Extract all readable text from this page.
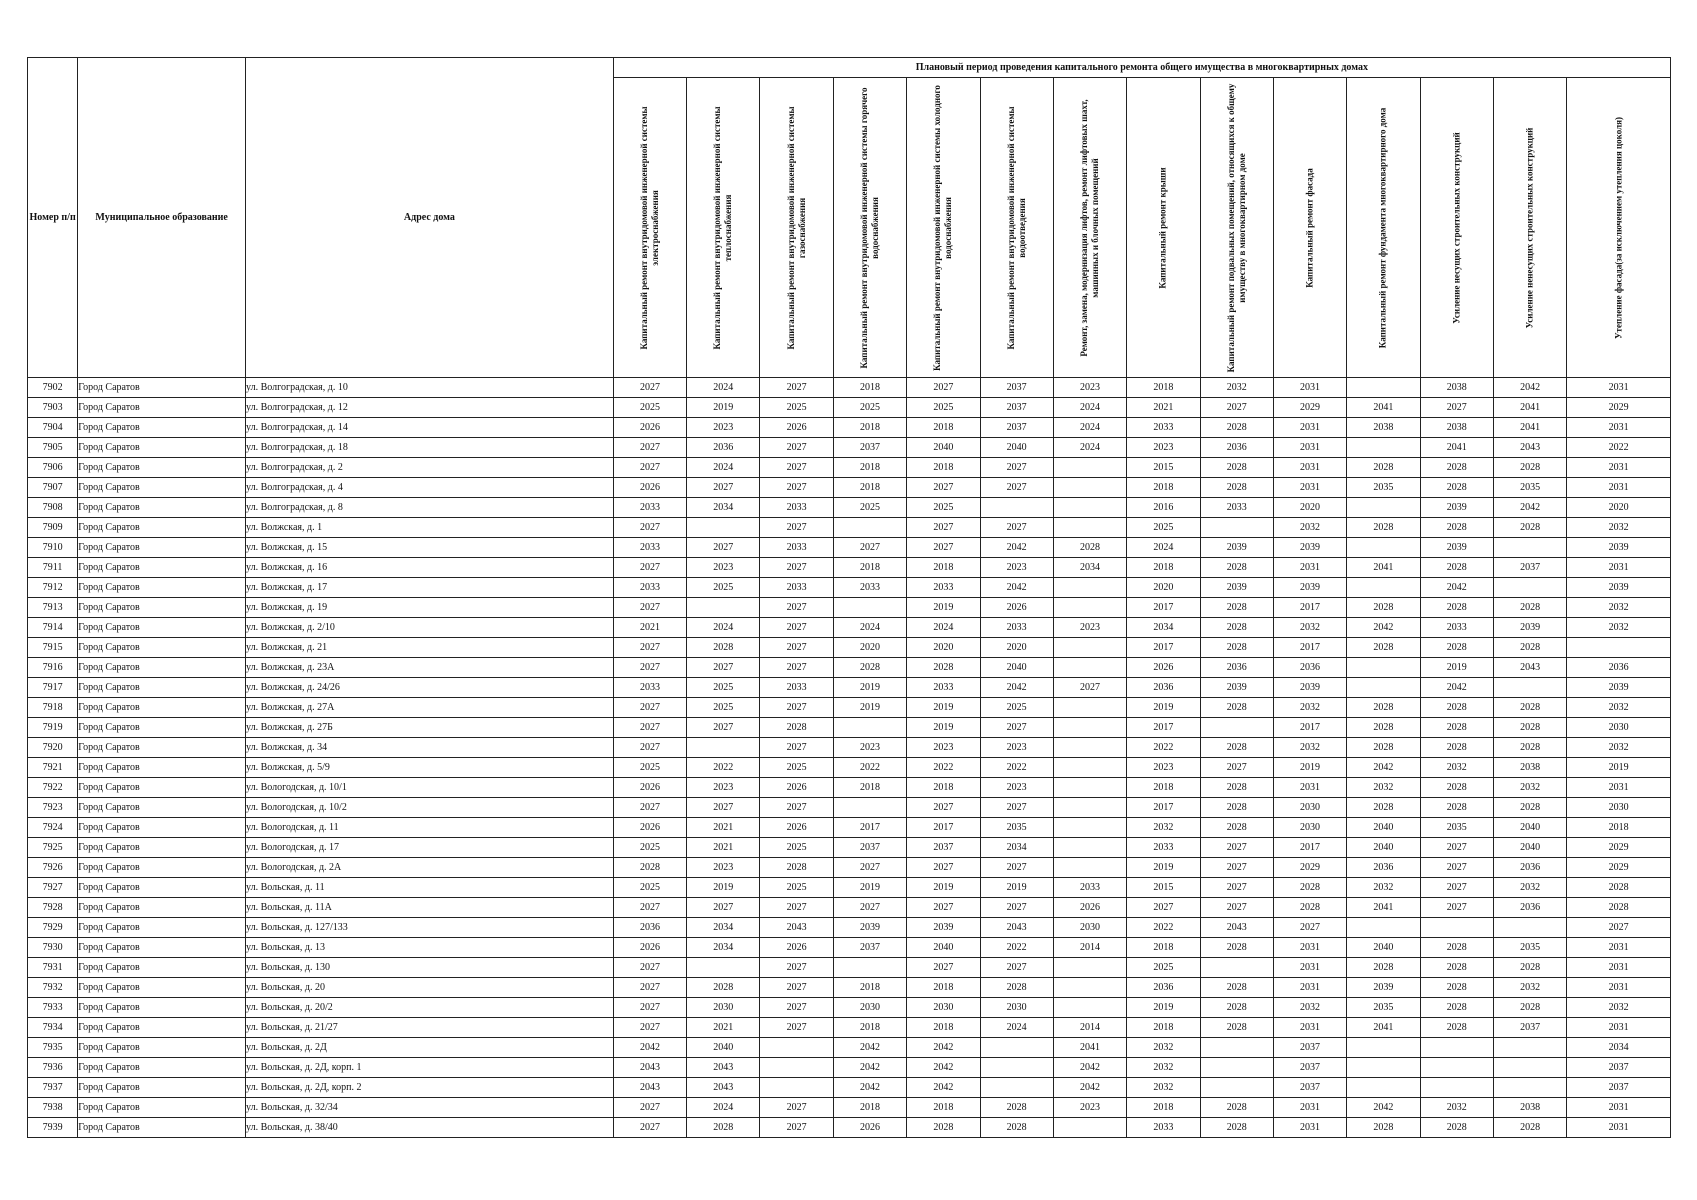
Номер п/п	Муниципальное образование	Адрес дома	Плановый период проведения капитального ремонта общего имущества в многоквартирных домах													

			Капитальный ремонт внутридомовой инженерной системы электроснабжения	Капитальный ремонт внутридомовой инженерной системы теплоснабжения	Капитальный ремонт внутридомовой инженерной системы газоснабжения	Капитальный ремонт внутридомовой инженерной системы горячего водоснабжения	Капитальный ремонт внутридомовой инженерной системы холодного водоснабжения	Капитальный ремонт внутридомовой инженерной системы водоотведения	Ремонт, замена, модернизация лифтов, ремонт лифтовых шахт, машинных и блочных помещений	Капитальный ремонт крыши	Капитальный ремонт подвальных помещений, относящихся к общему имуществу в многоквартирном доме	Капитальный ремонт фасада	Капитальный ремонт фундамента многоквартирного дома	Усиление несущих строительных конструкций	Усиление ненесущих строительных конструкций	Утепление фасада(за исключением утепления цоколя)

7902	Город Саратов	ул. Волгоградская, д. 10	2027	2024	2027	2018	2027	2037	2023	2018	2032	2031		2038	2042	2031
7903	Город Саратов	ул. Волгоградская, д. 12	2025	2019	2025	2025	2025	2037	2024	2021	2027	2029	2041	2027	2041	2029
7904	Город Саратов	ул. Волгоградская, д. 14	2026	2023	2026	2018	2018	2037	2024	2033	2028	2031	2038	2038	2041	2031
7905	Город Саратов	ул. Волгоградская, д. 18	2027	2036	2027	2037	2040	2040	2024	2023	2036	2031		2041	2043	2022
7906	Город Саратов	ул. Волгоградская, д. 2	2027	2024	2027	2018	2018	2027		2015	2028	2031	2028	2028	2028	2031
7907	Город Саратов	ул. Волгоградская, д. 4	2026	2027	2027	2018	2027	2027		2018	2028	2031	2035	2028	2035	2031
7908	Город Саратов	ул. Волгоградская, д. 8	2033	2034	2033	2025	2025			2016	2033	2020		2039	2042	2020
7909	Город Саратов	ул. Волжская, д. 1	2027		2027		2027	2027		2025		2032	2028	2028	2028	2032
7910	Город Саратов	ул. Волжская, д. 15	2033	2027	2033	2027	2027	2042	2028	2024	2039	2039		2039		2039
7911	Город Саратов	ул. Волжская, д. 16	2027	2023	2027	2018	2018	2023	2034	2018	2028	2031	2041	2028	2037	2031
7912	Город Саратов	ул. Волжская, д. 17	2033	2025	2033	2033	2033	2042		2020	2039	2039		2042		2039
7913	Город Саратов	ул. Волжская, д. 19	2027		2027		2019	2026		2017	2028	2017	2028	2028	2028	2032
7914	Город Саратов	ул. Волжская, д. 2/10	2021	2024	2027	2024	2024	2033	2023	2034	2028	2032	2042	2033	2039	2032
7915	Город Саратов	ул. Волжская, д. 21	2027	2028	2027	2020	2020	2020		2017	2028	2017	2028	2028	2028	
7916	Город Саратов	ул. Волжская, д. 23А	2027	2027	2027	2028	2028	2040		2026	2036	2036		2019	2043	2036
7917	Город Саратов	ул. Волжская, д. 24/26	2033	2025	2033	2019	2033	2042	2027	2036	2039	2039		2042		2039
7918	Город Саратов	ул. Волжская, д. 27А	2027	2025	2027	2019	2019	2025		2019	2028	2032	2028	2028	2028	2032
7919	Город Саратов	ул. Волжская, д. 27Б	2027	2027	2028		2019	2027		2017		2017	2028	2028	2028	2030
7920	Город Саратов	ул. Волжская, д. 34	2027		2027	2023	2023	2023		2022	2028	2032	2028	2028	2028	2032
7921	Город Саратов	ул. Волжская, д. 5/9	2025	2022	2025	2022	2022	2022		2023	2027	2019	2042	2032	2038	2019
7922	Город Саратов	ул. Вологодская, д. 10/1	2026	2023	2026	2018	2018	2023		2018	2028	2031	2032	2028	2032	2031
7923	Город Саратов	ул. Вологодская, д. 10/2	2027	2027	2027		2027	2027		2017	2028	2030	2028	2028	2028	2030
7924	Город Саратов	ул. Вологодская, д. 11	2026	2021	2026	2017	2017	2035		2032	2028	2030	2040	2035	2040	2018
7925	Город Саратов	ул. Вологодская, д. 17	2025	2021	2025	2037	2037	2034		2033	2027	2017	2040	2027	2040	2029
7926	Город Саратов	ул. Вологодская, д. 2А	2028	2023	2028	2027	2027	2027		2019	2027	2029	2036	2027	2036	2029
7927	Город Саратов	ул. Вольская, д. 11	2025	2019	2025	2019	2019	2019	2033	2015	2027	2028	2032	2027	2032	2028
7928	Город Саратов	ул. Вольская, д. 11А	2027	2027	2027	2027	2027	2027	2026	2027	2027	2028	2041	2027	2036	2028
7929	Город Саратов	ул. Вольская, д. 127/133	2036	2034	2043	2039	2039	2043	2030	2022	2043	2027				2027
7930	Город Саратов	ул. Вольская, д. 13	2026	2034	2026	2037	2040	2022	2014	2018	2028	2031	2040	2028	2035	2031
7931	Город Саратов	ул. Вольская, д. 130	2027		2027		2027	2027		2025		2031	2028	2028	2028	2031
7932	Город Саратов	ул. Вольская, д. 20	2027	2028	2027	2018	2018	2028		2036	2028	2031	2039	2028	2032	2031
7933	Город Саратов	ул. Вольская, д. 20/2	2027	2030	2027	2030	2030	2030		2019	2028	2032	2035	2028	2028	2032
7934	Город Саратов	ул. Вольская, д. 21/27	2027	2021	2027	2018	2018	2024	2014	2018	2028	2031	2041	2028	2037	2031
7935	Город Саратов	ул. Вольская, д. 2Д	2042	2040		2042	2042		2041	2032		2037				2034
7936	Город Саратов	ул. Вольская, д. 2Д, корп. 1	2043	2043		2042	2042		2042	2032		2037				2037
7937	Город Саратов	ул. Вольская, д. 2Д, корп. 2	2043	2043		2042	2042		2042	2032		2037				2037
7938	Город Саратов	ул. Вольская, д. 32/34	2027	2024	2027	2018	2018	2028	2023	2018	2028	2031	2042	2032	2038	2031
7939	Город Саратов	ул. Вольская, д. 38/40	2027	2028	2027	2026	2028	2028		2033	2028	2031	2028	2028	2028	2031
